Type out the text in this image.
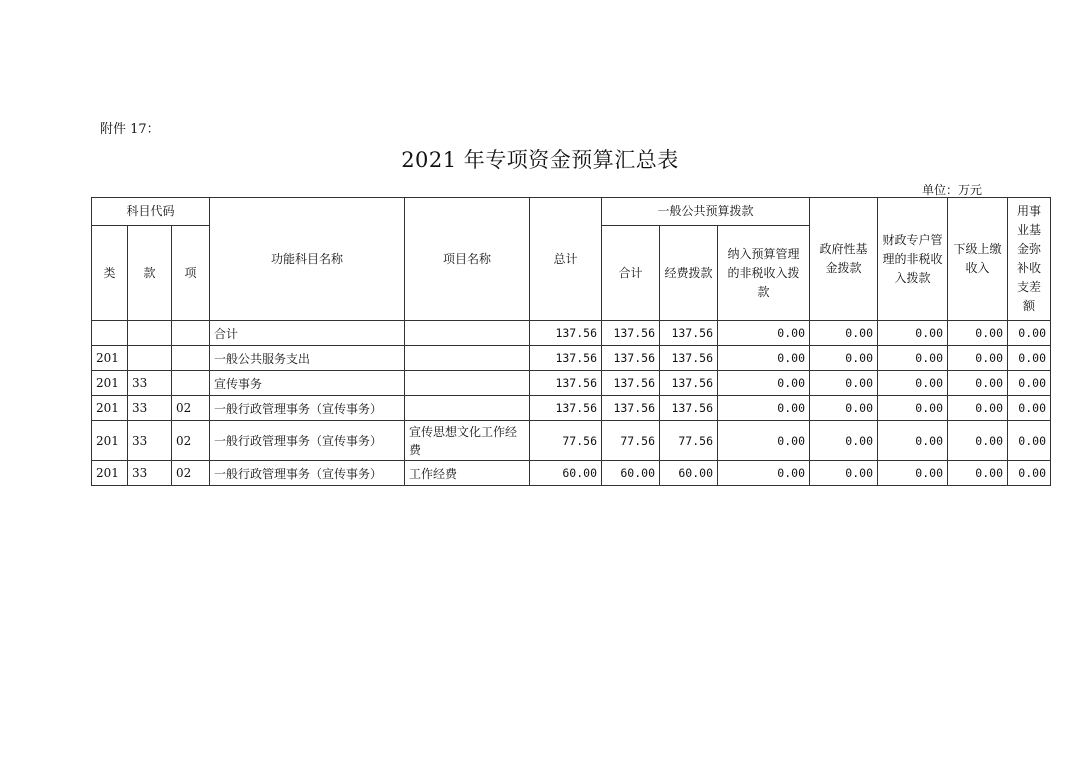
附件 17：
2021 年专项资金预算汇总表
单位：万元
科目代码			功能科目名称	项目名称	总计	一般公共预算拨款			政府性基金拨款	财政专户管理的非税收入拨款	下级上缴收入	用事业基金弥补收支差额
类	款	项				合计	经费拨款	纳入预算管理的非税收入拨款				
			合计		137.56	137.56	137.56	0.00	0.00	0.00	0.00	0.00
201			一般公共服务支出		137.56	137.56	137.56	0.00	0.00	0.00	0.00	0.00
201	33		宣传事务		137.56	137.56	137.56	0.00	0.00	0.00	0.00	0.00
201	33	02	一般行政管理事务（宣传事务）		137.56	137.56	137.56	0.00	0.00	0.00	0.00	0.00
201	33	02	一般行政管理事务（宣传事务）	宣传思想文化工作经费	77.56	77.56	77.56	0.00	0.00	0.00	0.00	0.00
201	33	02	一般行政管理事务（宣传事务）	工作经费	60.00	60.00	60.00	0.00	0.00	0.00	0.00	0.00
